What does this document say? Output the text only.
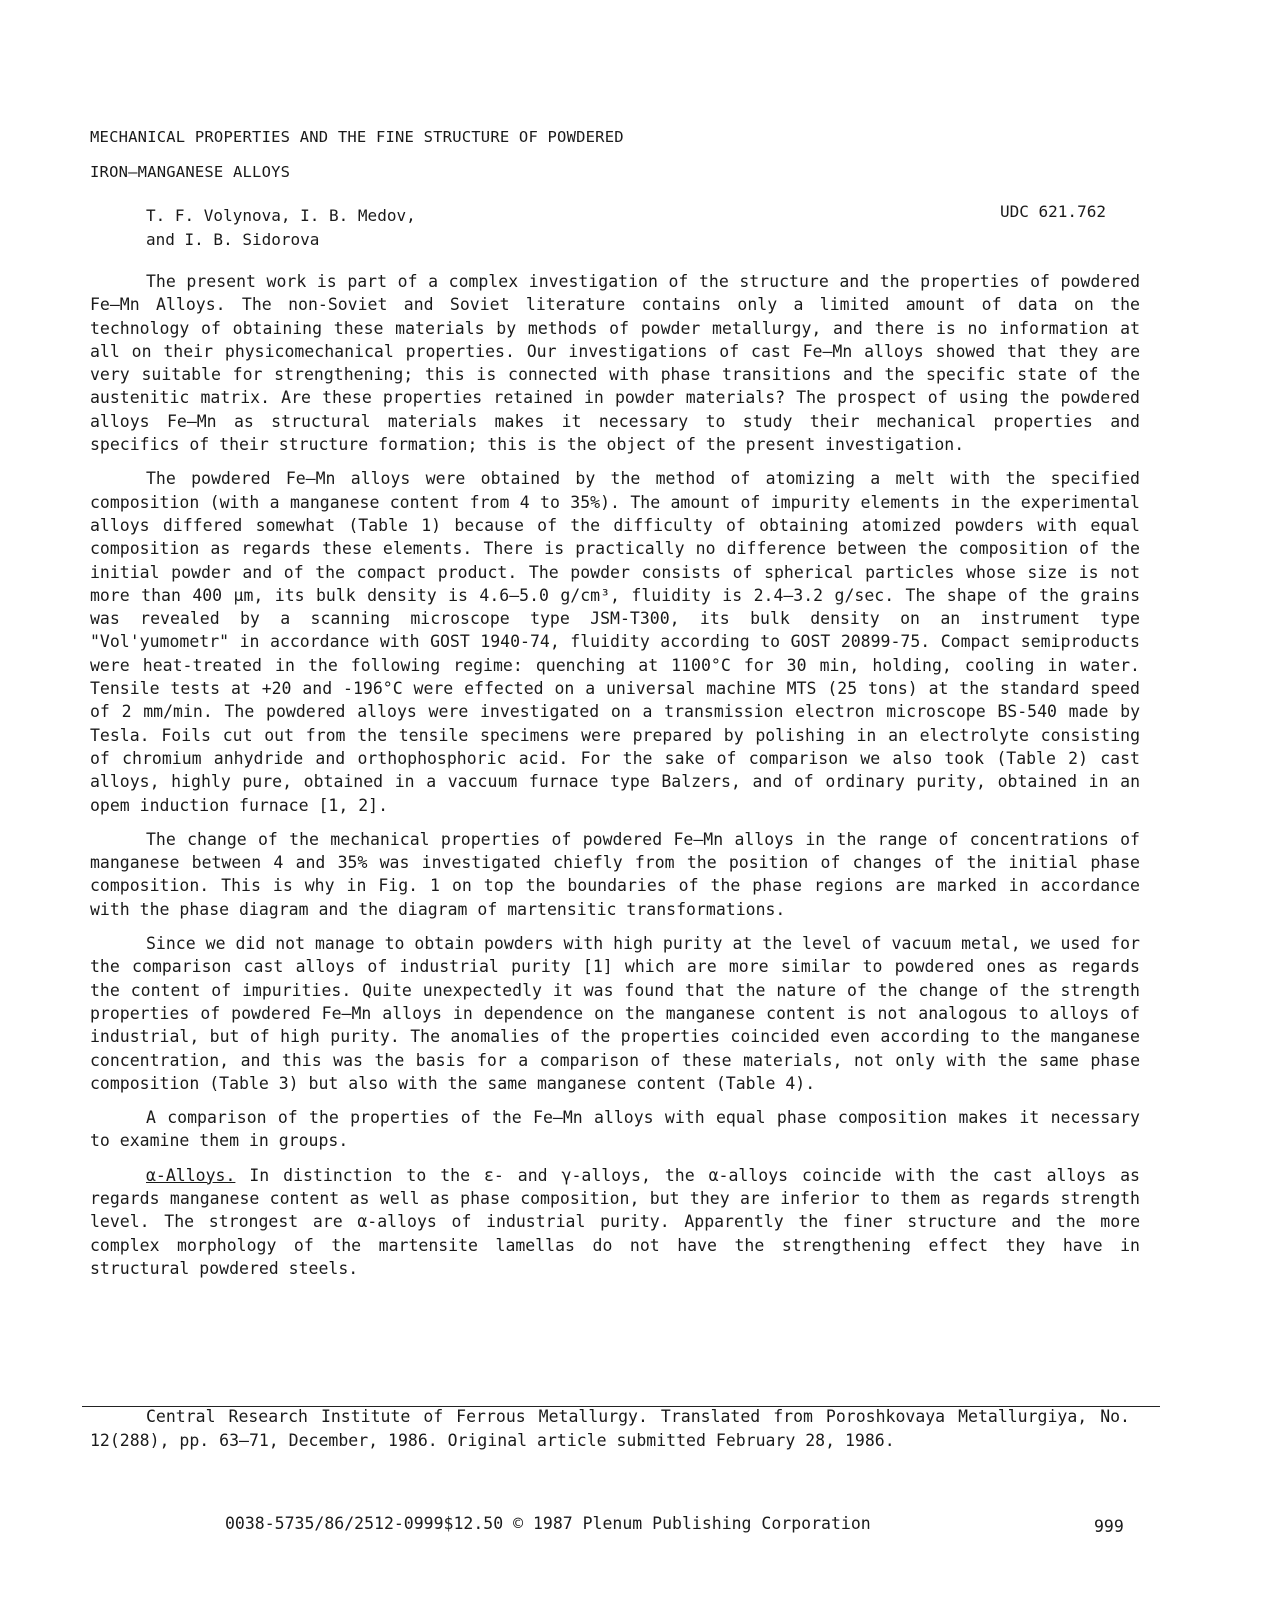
MECHANICAL PROPERTIES AND THE FINE STRUCTURE OF POWDERED
IRON—MANGANESE ALLOYS
T. F. Volynova, I. B. Medov,
and I. B. Sidorova
UDC 621.762

The present work is part of a complex investigation of the structure and the properties of powdered Fe—Mn Alloys. The non-Soviet and Soviet literature contains only a limited amount of data on the technology of obtaining these materials by methods of powder metallurgy, and there is no information at all on their physicomechanical properties. Our investigations of cast Fe—Mn alloys showed that they are very suitable for strengthening; this is connected with phase transitions and the specific state of the austenitic matrix. Are these properties retained in powder materials? The prospect of using the powdered alloys Fe—Mn as structural materials makes it necessary to study their mechanical properties and specifics of their structure formation; this is the object of the present investigation.

The powdered Fe—Mn alloys were obtained by the method of atomizing a melt with the specified composition (with a manganese content from 4 to 35%). The amount of impurity elements in the experimental alloys differed somewhat (Table 1) because of the difficulty of obtaining atomized powders with equal composition as regards these elements. There is practically no difference between the composition of the initial powder and of the compact product. The powder consists of spherical particles whose size is not more than 400 μm, its bulk density is 4.6–5.0 g/cm³, fluidity is 2.4–3.2 g/sec. The shape of the grains was revealed by a scanning microscope type JSM-T300, its bulk density on an instrument type "Vol'yumometr" in accordance with GOST 1940-74, fluidity according to GOST 20899-75. Compact semiproducts were heat-treated in the following regime: quenching at 1100°C for 30 min, holding, cooling in water. Tensile tests at +20 and -196°C were effected on a universal machine MTS (25 tons) at the standard speed of 2 mm/min. The powdered alloys were investigated on a transmission electron microscope BS-540 made by Tesla. Foils cut out from the tensile specimens were prepared by polishing in an electrolyte consisting of chromium anhydride and orthophosphoric acid. For the sake of comparison we also took (Table 2) cast alloys, highly pure, obtained in a vaccuum furnace type Balzers, and of ordinary purity, obtained in an opem induction furnace [1, 2].

The change of the mechanical properties of powdered Fe—Mn alloys in the range of concentrations of manganese between 4 and 35% was investigated chiefly from the position of changes of the initial phase composition. This is why in Fig. 1 on top the boundaries of the phase regions are marked in accordance with the phase diagram and the diagram of martensitic transformations.

Since we did not manage to obtain powders with high purity at the level of vacuum metal, we used for the comparison cast alloys of industrial purity [1] which are more similar to powdered ones as regards the content of impurities. Quite unexpectedly it was found that the nature of the change of the strength properties of powdered Fe—Mn alloys in dependence on the manganese content is not analogous to alloys of industrial, but of high purity. The anomalies of the properties coincided even according to the manganese concentration, and this was the basis for a comparison of these materials, not only with the same phase composition (Table 3) but also with the same manganese content (Table 4).

A comparison of the properties of the Fe—Mn alloys with equal phase composition makes it necessary to examine them in groups.

α-Alloys. In distinction to the ε- and γ-alloys, the α-alloys coincide with the cast alloys as regards manganese content as well as phase composition, but they are inferior to them as regards strength level. The strongest are α-alloys of industrial purity. Apparently the finer structure and the more complex morphology of the martensite lamellas do not have the strengthening effect they have in structural powdered steels.

Central Research Institute of Ferrous Metallurgy. Translated from Poroshkovaya Metallurgiya, No. 12(288), pp. 63–71, December, 1986. Original article submitted February 28, 1986.
0038-5735/86/2512-0999$12.50 © 1987 Plenum Publishing Corporation	999
